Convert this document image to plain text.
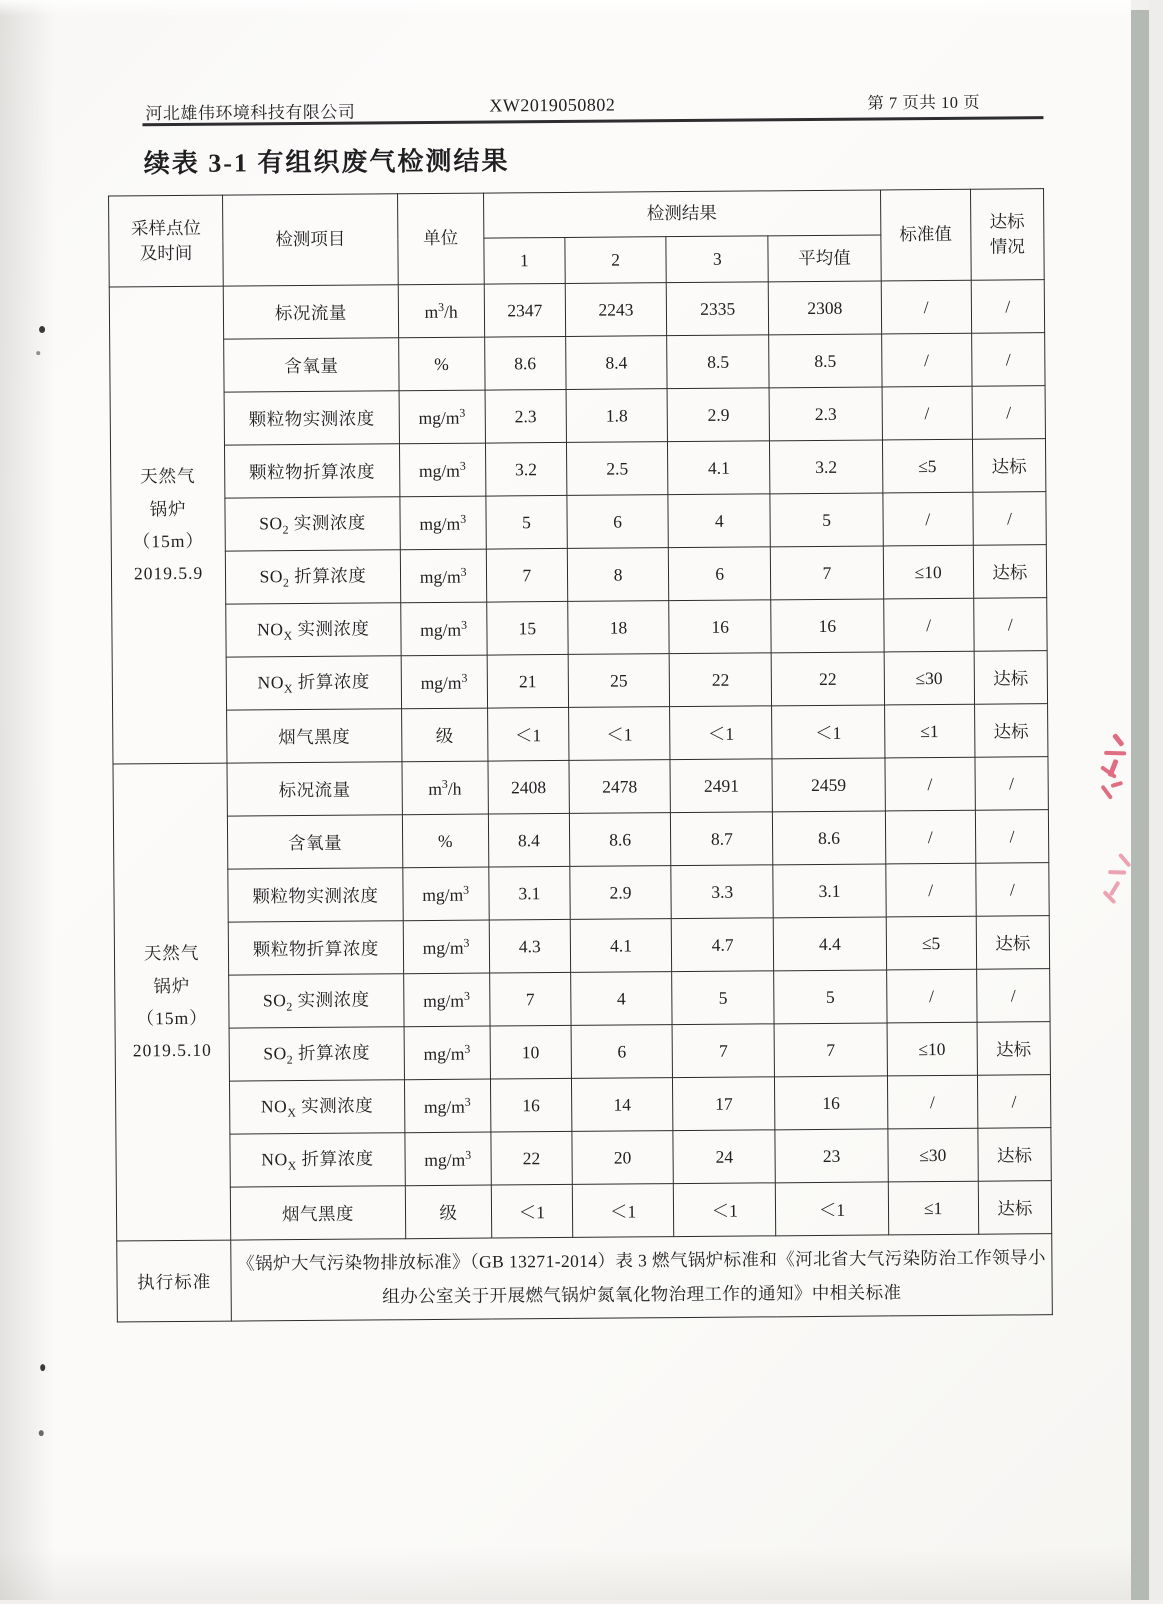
河北雄伟环境科技有限公司	XW2019050802	第 7 页共 10 页
续表 3-1 有组织废气检测结果
采样点位
及时间	检测项目	单位	检测结果				标准值	达标
情况
			1	2	3	平均值		
天然气
锅炉
（15m）
2019.5.9	标况流量	$m^3/h$	2347	2243	2335	2308	/	/
	含氧量	%	8.6	8.4	8.5	8.5	/	/
	颗粒物实测浓度	$mg/m^3$	2.3	1.8	2.9	2.3	/	/
	颗粒物折算浓度	$mg/m^3$	3.2	2.5	4.1	3.2	≤5	达标
	$SO_2$ 实测浓度	$mg/m^3$	5	6	4	5	/	/
	$SO_2$ 折算浓度	$mg/m^3$	7	8	6	7	≤10	达标
	$NO_X$ 实测浓度	$mg/m^3$	15	18	16	16	/	/
	$NO_X$ 折算浓度	$mg/m^3$	21	25	22	22	≤30	达标
	烟气黑度	级	＜1	＜1	＜1	＜1	≤1	达标
天然气
锅炉
（15m）
2019.5.10	标况流量	$m^3/h$	2408	2478	2491	2459	/	/
	含氧量	%	8.4	8.6	8.7	8.6	/	/
	颗粒物实测浓度	$mg/m^3$	3.1	2.9	3.3	3.1	/	/
	颗粒物折算浓度	$mg/m^3$	4.3	4.1	4.7	4.4	≤5	达标
	$SO_2$ 实测浓度	$mg/m^3$	7	4	5	5	/	/
	$SO_2$ 折算浓度	$mg/m^3$	10	6	7	7	≤10	达标
	$NO_X$ 实测浓度	$mg/m^3$	16	14	17	16	/	/
	$NO_X$ 折算浓度	$mg/m^3$	22	20	24	23	≤30	达标
	烟气黑度	级	＜1	＜1	＜1	＜1	≤1	达标
执行标准	《锅炉大气污染物排放标准》（GB 13271-2014）表 3 燃气锅炉标准和《河北省大气污染防治工作领导小组办公室关于开展燃气锅炉氮氧化物治理工作的通知》中相关标准							
